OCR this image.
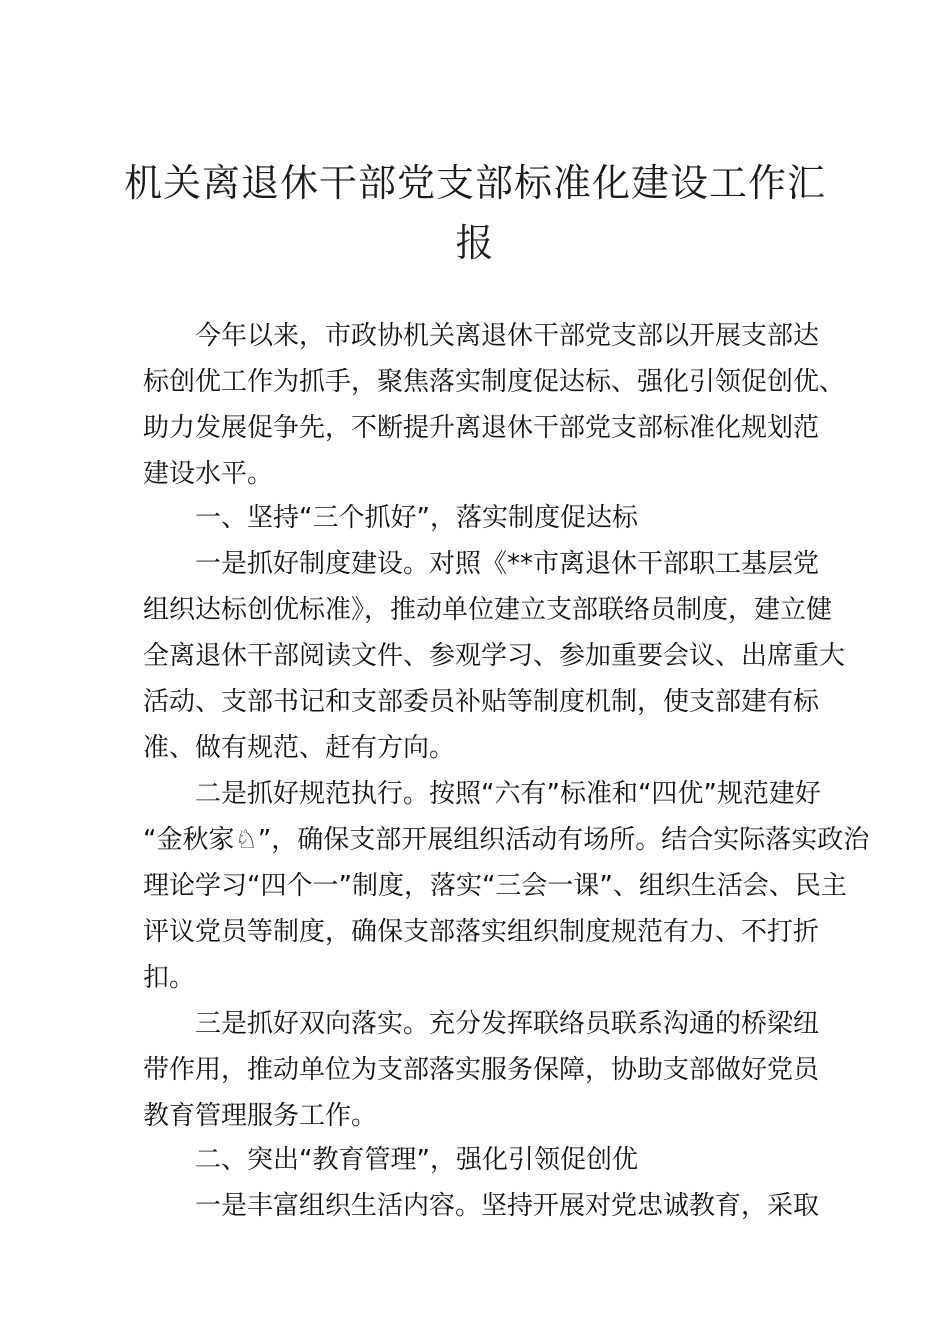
机关离退休干部党支部标准化建设工作汇
报
今年以来，市政协机关离退休干部党支部以开展支部达
标创优工作为抓手，聚焦落实制度促达标、强化引领促创优、
助力发展促争先，不断提升离退休干部党支部标准化规划范
建设水平。
一、坚持“三个抓好”，落实制度促达标
一是抓好制度建设。对照《**市离退休干部职工基层党
组织达标创优标准》，推动单位建立支部联络员制度，建立健
全离退休干部阅读文件、参观学习、参加重要会议、出席重大
活动、支部书记和支部委员补贴等制度机制，使支部建有标
准、做有规范、赶有方向。
二是抓好规范执行。按照“六有”标准和“四优”规范建好
“金秋家♘”，确保支部开展组织活动有场所。结合实际落实政治
理论学习“四个一”制度，落实“三会一课”、组织生活会、民主
评议党员等制度，确保支部落实组织制度规范有力、不打折
扣。
三是抓好双向落实。充分发挥联络员联系沟通的桥梁纽
带作用，推动单位为支部落实服务保障，协助支部做好党员
教育管理服务工作。
二、突出“教育管理”，强化引领促创优
一是丰富组织生活内容。坚持开展对党忠诚教育，采取
